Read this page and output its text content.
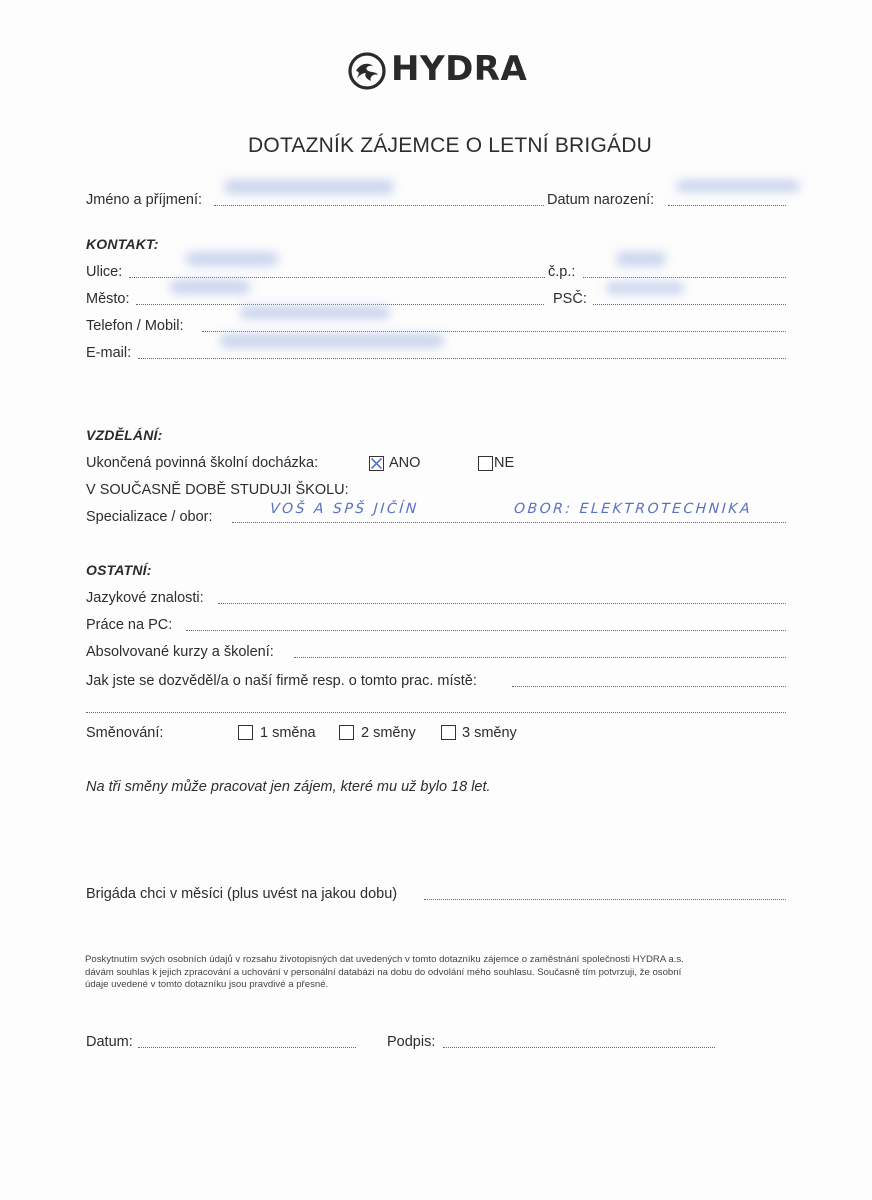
HYDRA
DOTAZNÍK ZÁJEMCE O LETNÍ BRIGÁDU
Jméno a příjmení:	Datum narození:
KONTAKT:
Ulice:	č.p.:
Město:	PSČ:
Telefon / Mobil:
E-mail:
VZDĚLÁNÍ:
Ukončená povinná školní docházka:	ANO	NE
V SOUČASNĚ DOBĚ STUDUJI ŠKOLU:
Specializace / obor:	VOŠ A SPŠ JIČÍN	OBOR: ELEKTROTECHNIKA
OSTATNÍ:
Jazykové znalosti:
Práce na PC:
Absolvované kurzy a školení:
Jak jste se dozvěděl/a o naší firmě resp. o tomto prac. místě:
Směnování:	1 směna	2 směny	3 směny
Na tři směny může pracovat jen zájem, které mu už bylo 18 let.
Brigáda chci v měsíci (plus uvést na jakou dobu)
Poskytnutím svých osobních údajů v rozsahu životopisných dat uvedených v tomto dotazníku zájemce o zaměstnání společnosti HYDRA a.s.
dávám souhlas k jejich zpracování a uchování v personální databázi na dobu do odvolání mého souhlasu. Současně tím potvrzuji, že osobní
údaje uvedené v tomto dotazníku jsou pravdivé a přesné.
Datum:	Podpis:
